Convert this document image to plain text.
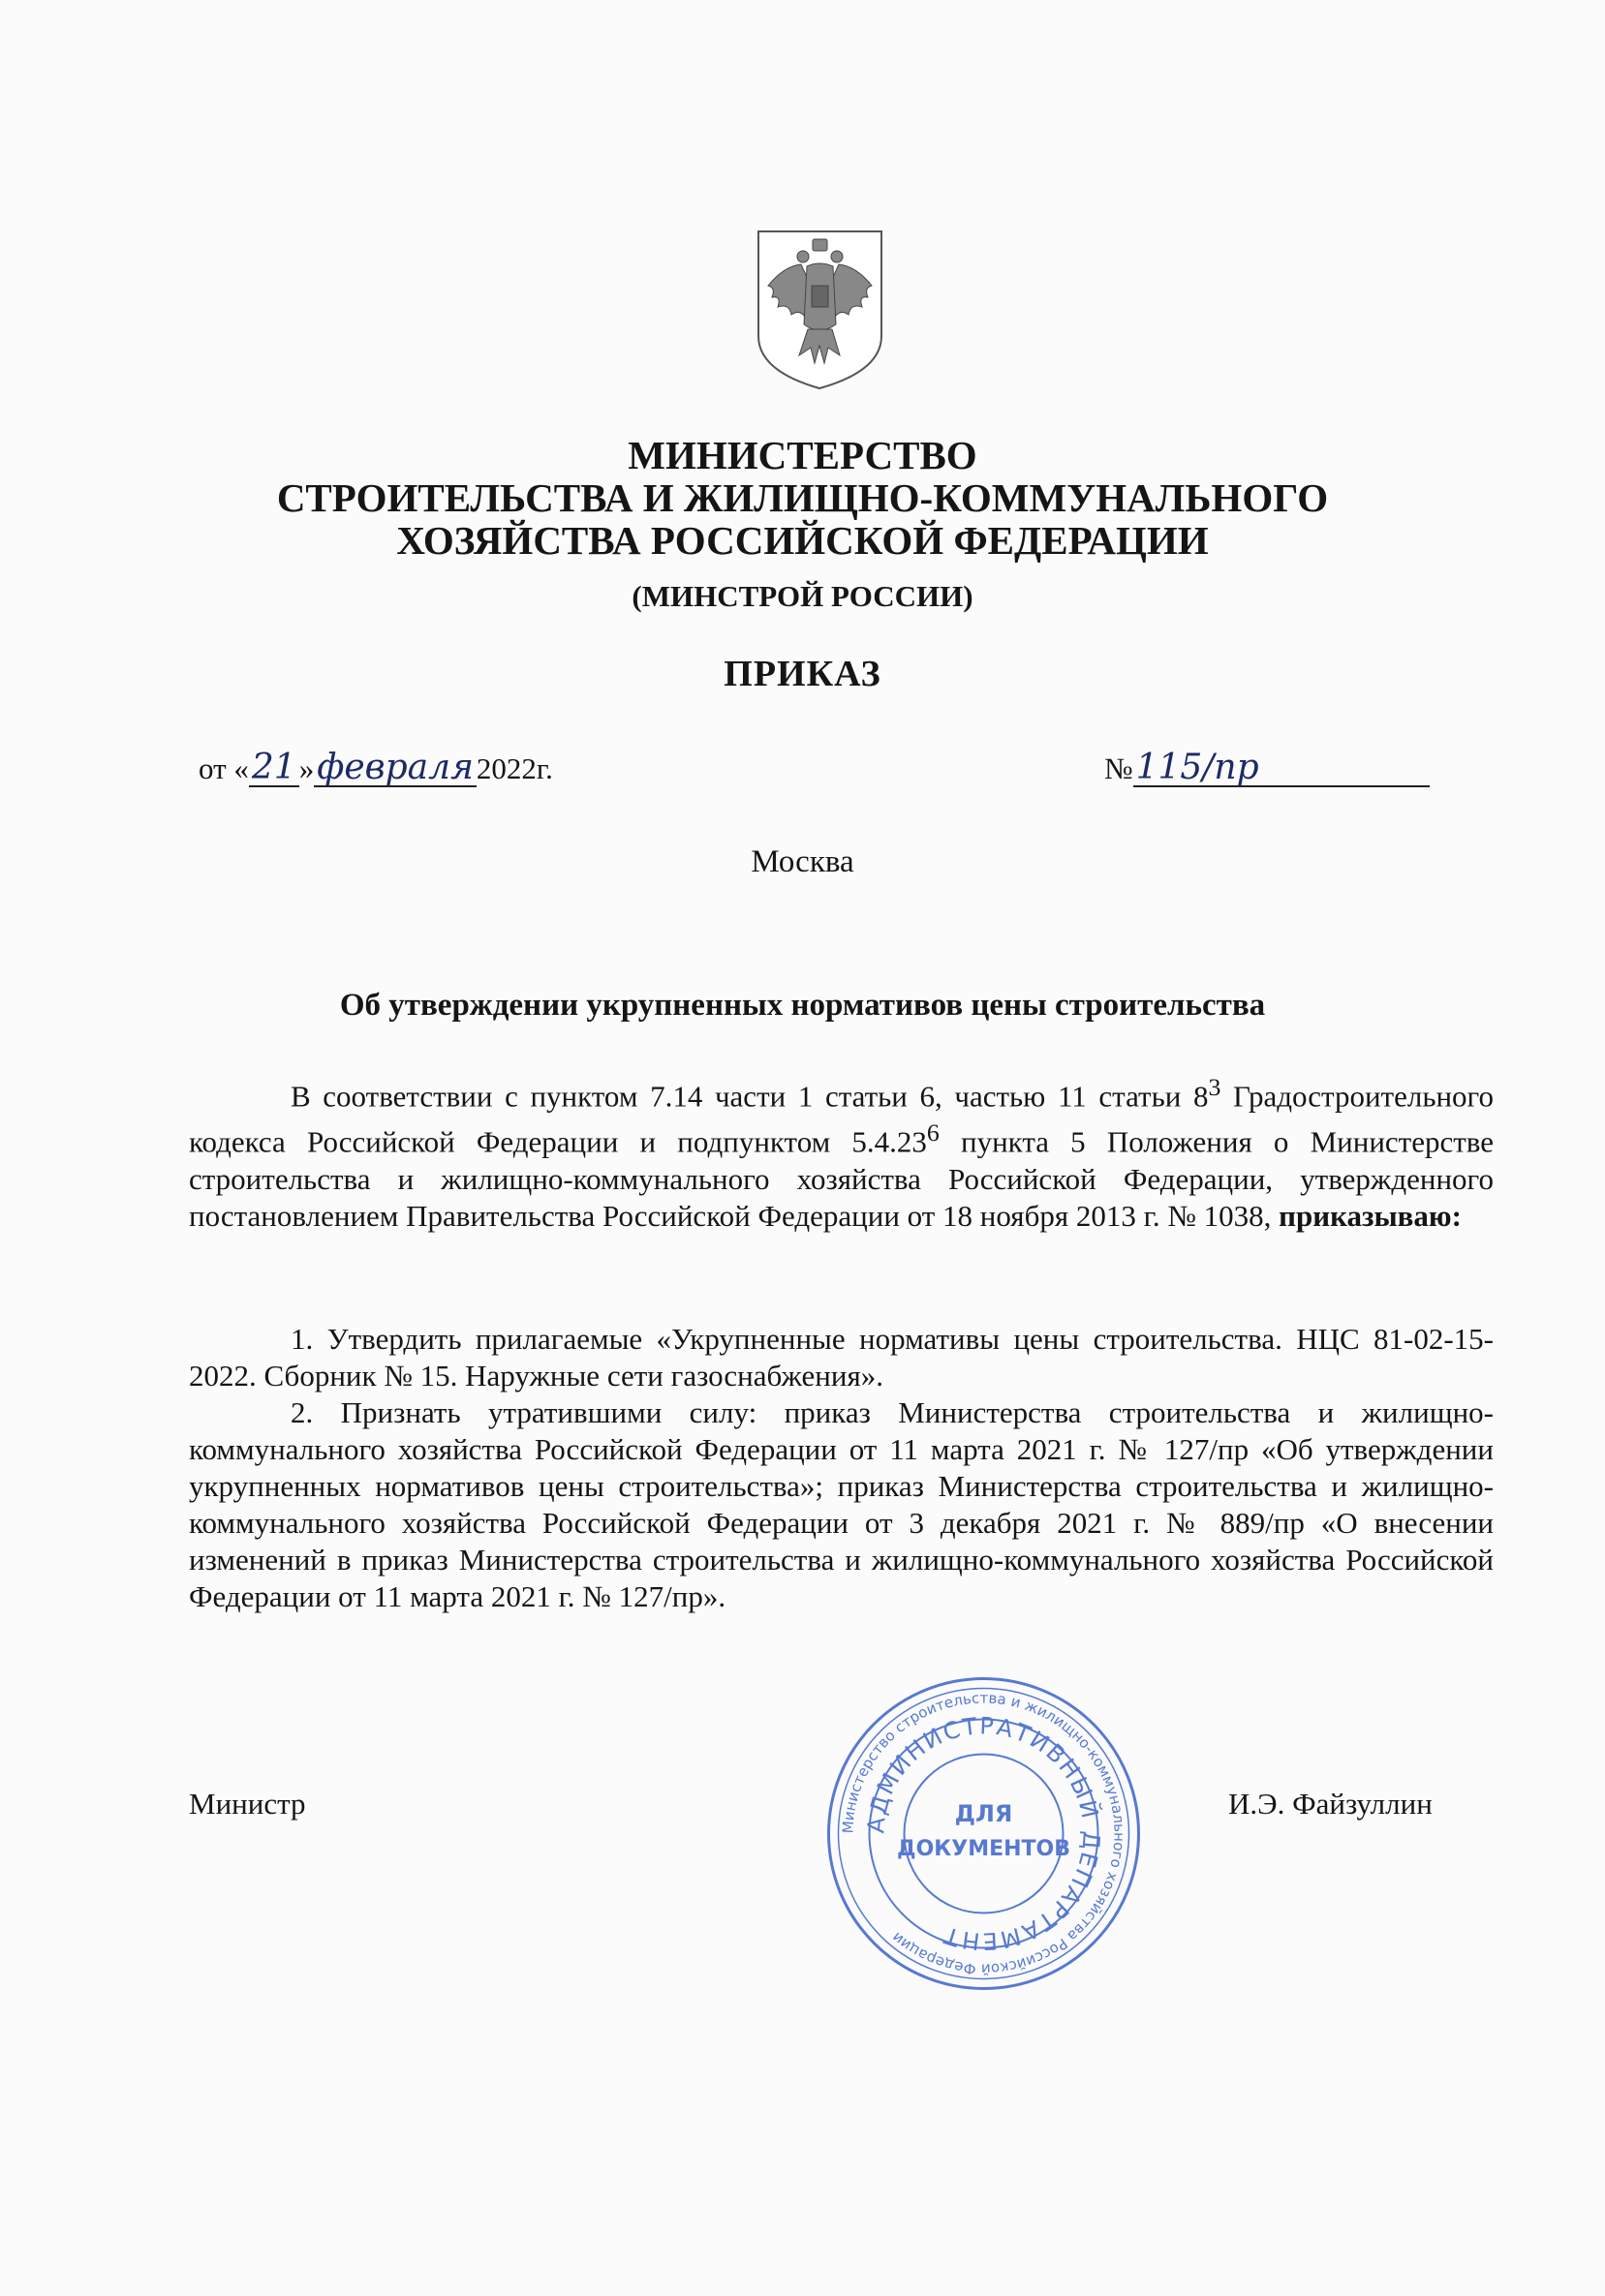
МИНИСТЕРСТВО
СТРОИТЕЛЬСТВА И ЖИЛИЩНО-КОММУНАЛЬНОГО
ХОЗЯЙСТВА РОССИЙСКОЙ ФЕДЕРАЦИИ
(МИНСТРОЙ РОССИИ)
ПРИКАЗ
от «21»февраля2022г.	№115/пр
Москва
Об утверждении укрупненных нормативов цены строительства

В соответствии с пунктом 7.14 части 1 статьи 6, частью 11 статьи $8^3$ Градостроительного кодекса Российской Федерации и подпунктом 5.4.23$^6$ пункта 5 Положения о Министерстве строительства и жилищно-коммунального хозяйства Российской Федерации, утвержденного постановлением Правительства Российской Федерации от 18 ноября 2013 г. № 1038, приказываю:

1. Утвердить прилагаемые «Укрупненные нормативы цены строительства. НЦС 81-02-15-2022. Сборник № 15. Наружные сети газоснабжения».

2. Признать утратившими силу: приказ Министерства строительства и жилищно-коммунального хозяйства Российской Федерации от 11 марта 2021 г. № 127/пр «Об утверждении укрупненных нормативов цены строительства»; приказ Министерства строительства и жилищно-коммунального хозяйства Российской Федерации от 3 декабря 2021 г. № 889/пр «О внесении изменений в приказ Министерства строительства и жилищно-коммунального хозяйства Российской Федерации от 11 марта 2021 г. № 127/пр».

Министр	И.Э. Файзуллин
Министерство строительства и жилищно-коммунального хозяйства Российской Федерации
АДМИНИСТРАТИВНЫЙ ДЕПАРТАМЕНТ
ДЛЯ
ДОКУМЕНТОВ
